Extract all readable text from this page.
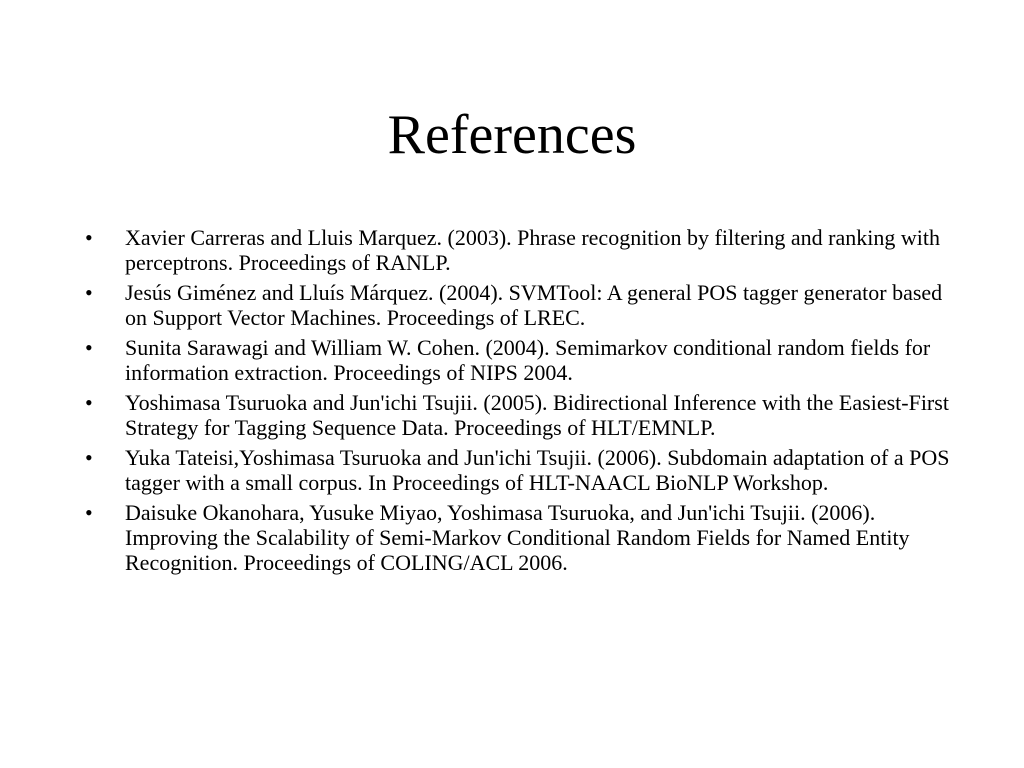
References
•	Xavier Carreras and Lluis Marquez. (2003). Phrase recognition by filtering and ranking with perceptrons. Proceedings of RANLP.
•	Jesús Giménez and Lluís Márquez. (2004). SVMTool: A general POS tagger generator based on Support Vector Machines. Proceedings of LREC.
•	Sunita Sarawagi and William W. Cohen. (2004). Semimarkov conditional random fields for information extraction. Proceedings of NIPS 2004.
•	Yoshimasa Tsuruoka and Jun'ichi Tsujii. (2005). Bidirectional Inference with the Easiest-First Strategy for Tagging Sequence Data. Proceedings of HLT/EMNLP.
•	Yuka Tateisi,Yoshimasa Tsuruoka and Jun'ichi Tsujii. (2006). Subdomain adaptation of a POS tagger with a small corpus. In Proceedings of HLT-NAACL BioNLP Workshop.
•	Daisuke Okanohara, Yusuke Miyao, Yoshimasa Tsuruoka, and Jun'ichi Tsujii. (2006). Improving the Scalability of Semi-Markov Conditional Random Fields for Named Entity Recognition. Proceedings of COLING/ACL 2006.
